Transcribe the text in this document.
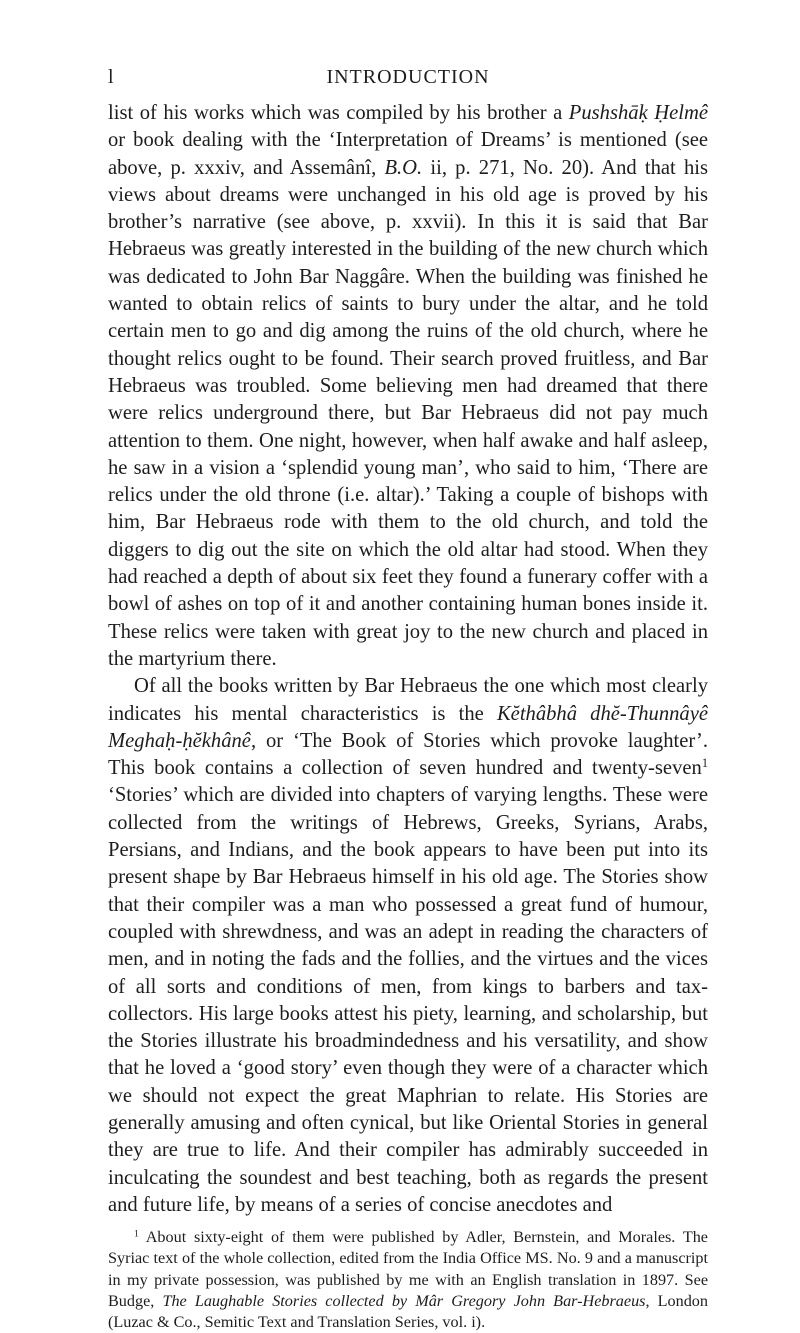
l	INTRODUCTION

list of his works which was compiled by his brother a Pushshāḳ Ḥelmê or book dealing with the ‘Interpretation of Dreams’ is mentioned (see above, p. xxxiv, and Assemânî, B.O. ii, p. 271, No. 20). And that his views about dreams were unchanged in his old age is proved by his brother’s narrative (see above, p. xxvii). In this it is said that Bar Hebraeus was greatly interested in the building of the new church which was dedicated to John Bar Naggâre. When the building was finished he wanted to obtain relics of saints to bury under the altar, and he told certain men to go and dig among the ruins of the old church, where he thought relics ought to be found. Their search proved fruitless, and Bar Hebraeus was troubled. Some believing men had dreamed that there were relics underground there, but Bar Hebraeus did not pay much attention to them. One night, however, when half awake and half asleep, he saw in a vision a ‘splendid young man’, who said to him, ‘There are relics under the old throne (i.e. altar).’ Taking a couple of bishops with him, Bar Hebraeus rode with them to the old church, and told the diggers to dig out the site on which the old altar had stood. When they had reached a depth of about six feet they found a funerary coffer with a bowl of ashes on top of it and another containing human bones inside it. These relics were taken with great joy to the new church and placed in the martyrium there.

Of all the books written by Bar Hebraeus the one which most clearly indicates his mental characteristics is the Kĕthâbhâ dhĕ-Thunnâyê Meghaḥ-ḥĕkhânê, or ‘The Book of Stories which provoke laughter’. This book contains a collection of seven hundred and twenty-seven$^1$ ‘Stories’ which are divided into chapters of varying lengths. These were collected from the writings of Hebrews, Greeks, Syrians, Arabs, Persians, and Indians, and the book appears to have been put into its present shape by Bar Hebraeus himself in his old age. The Stories show that their compiler was a man who possessed a great fund of humour, coupled with shrewdness, and was an adept in reading the characters of men, and in noting the fads and the follies, and the virtues and the vices of all sorts and conditions of men, from kings to barbers and tax-collectors. His large books attest his piety, learning, and scholarship, but the Stories illustrate his broadmindedness and his versatility, and show that he loved a ‘good story’ even though they were of a character which we should not expect the great Maphrian to relate. His Stories are generally amusing and often cynical, but like Oriental Stories in general they are true to life. And their compiler has admirably succeeded in inculcating the soundest and best teaching, both as regards the present and future life, by means of a series of concise anecdotes and

$^1$ About sixty-eight of them were published by Adler, Bernstein, and Morales. The Syriac text of the whole collection, edited from the India Office MS. No. 9 and a manuscript in my private possession, was published by me with an English translation in 1897. See Budge, The Laughable Stories collected by Mâr Gregory John Bar-Hebraeus, London (Luzac & Co., Semitic Text and Translation Series, vol. i).
